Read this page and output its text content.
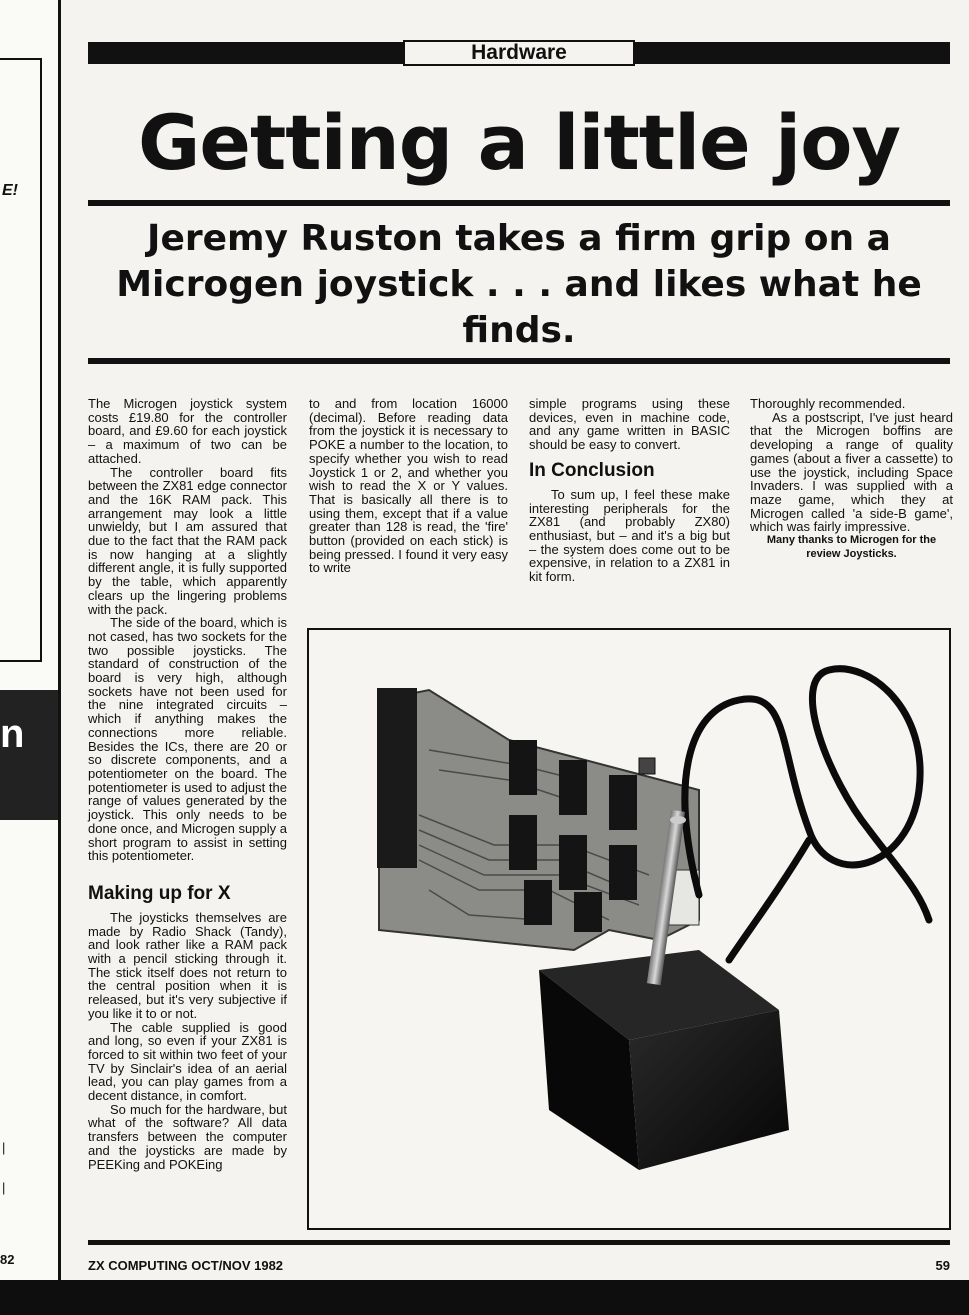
E!
n
|
|
82
Hardware
Getting a little joy
Jeremy Ruston takes a firm grip on a Microgen joystick . . . and likes what he finds.

The Microgen joystick system costs £19.80 for the controller board, and £9.60 for each joystick – a maximum of two can be attached.

The controller board fits between the ZX81 edge connector and the 16K RAM pack. This arrangement may look a little unwieldy, but I am assured that due to the fact that the RAM pack is now hanging at a slightly different angle, it is fully supported by the table, which apparently clears up the lingering problems with the pack.

The side of the board, which is not cased, has two sockets for the two possible joysticks. The standard of construction of the board is very high, although sockets have not been used for the nine integrated circuits – which if anything makes the connections more reliable. Besides the ICs, there are 20 or so discrete components, and a potentiometer on the board. The potentiometer is used to adjust the range of values generated by the joystick. This only needs to be done once, and Microgen supply a short program to assist in setting this potentiometer.

Making up for X

The joysticks themselves are made by Radio Shack (Tandy), and look rather like a RAM pack with a pencil sticking through it. The stick itself does not return to the central position when it is released, but it's very subjective if you like it to or not.

The cable supplied is good and long, so even if your ZX81 is forced to sit within two feet of your TV by Sinclair's idea of an aerial lead, you can play games from a decent distance, in comfort.

So much for the hardware, but what of the software? All data transfers between the computer and the joysticks are made by PEEKing and POKEing

to and from location 16000 (decimal). Before reading data from the joystick it is necessary to POKE a number to the location, to specify whether you wish to read Joystick 1 or 2, and whether you wish to read the X or Y values. That is basically all there is to using them, except that if a value greater than 128 is read, the 'fire' button (provided on each stick) is being pressed. I found it very easy to write

simple programs using these devices, even in machine code, and any game written in BASIC should be easy to convert.

In Conclusion

To sum up, I feel these make interesting peripherals for the ZX81 (and probably ZX80) enthusiast, but – and it's a big but – the system does come out to be expensive, in relation to a ZX81 in kit form.

Thoroughly recommended.

As a postscript, I've just heard that the Microgen boffins are developing a range of quality games (about a fiver a cassette) to use the joystick, including Space Invaders. I was supplied with a maze game, which they at Microgen called 'a side-B game', which was fairly impressive.

Many thanks to Microgen for the review Joysticks.

ZX COMPUTING OCT/NOV 1982	59
